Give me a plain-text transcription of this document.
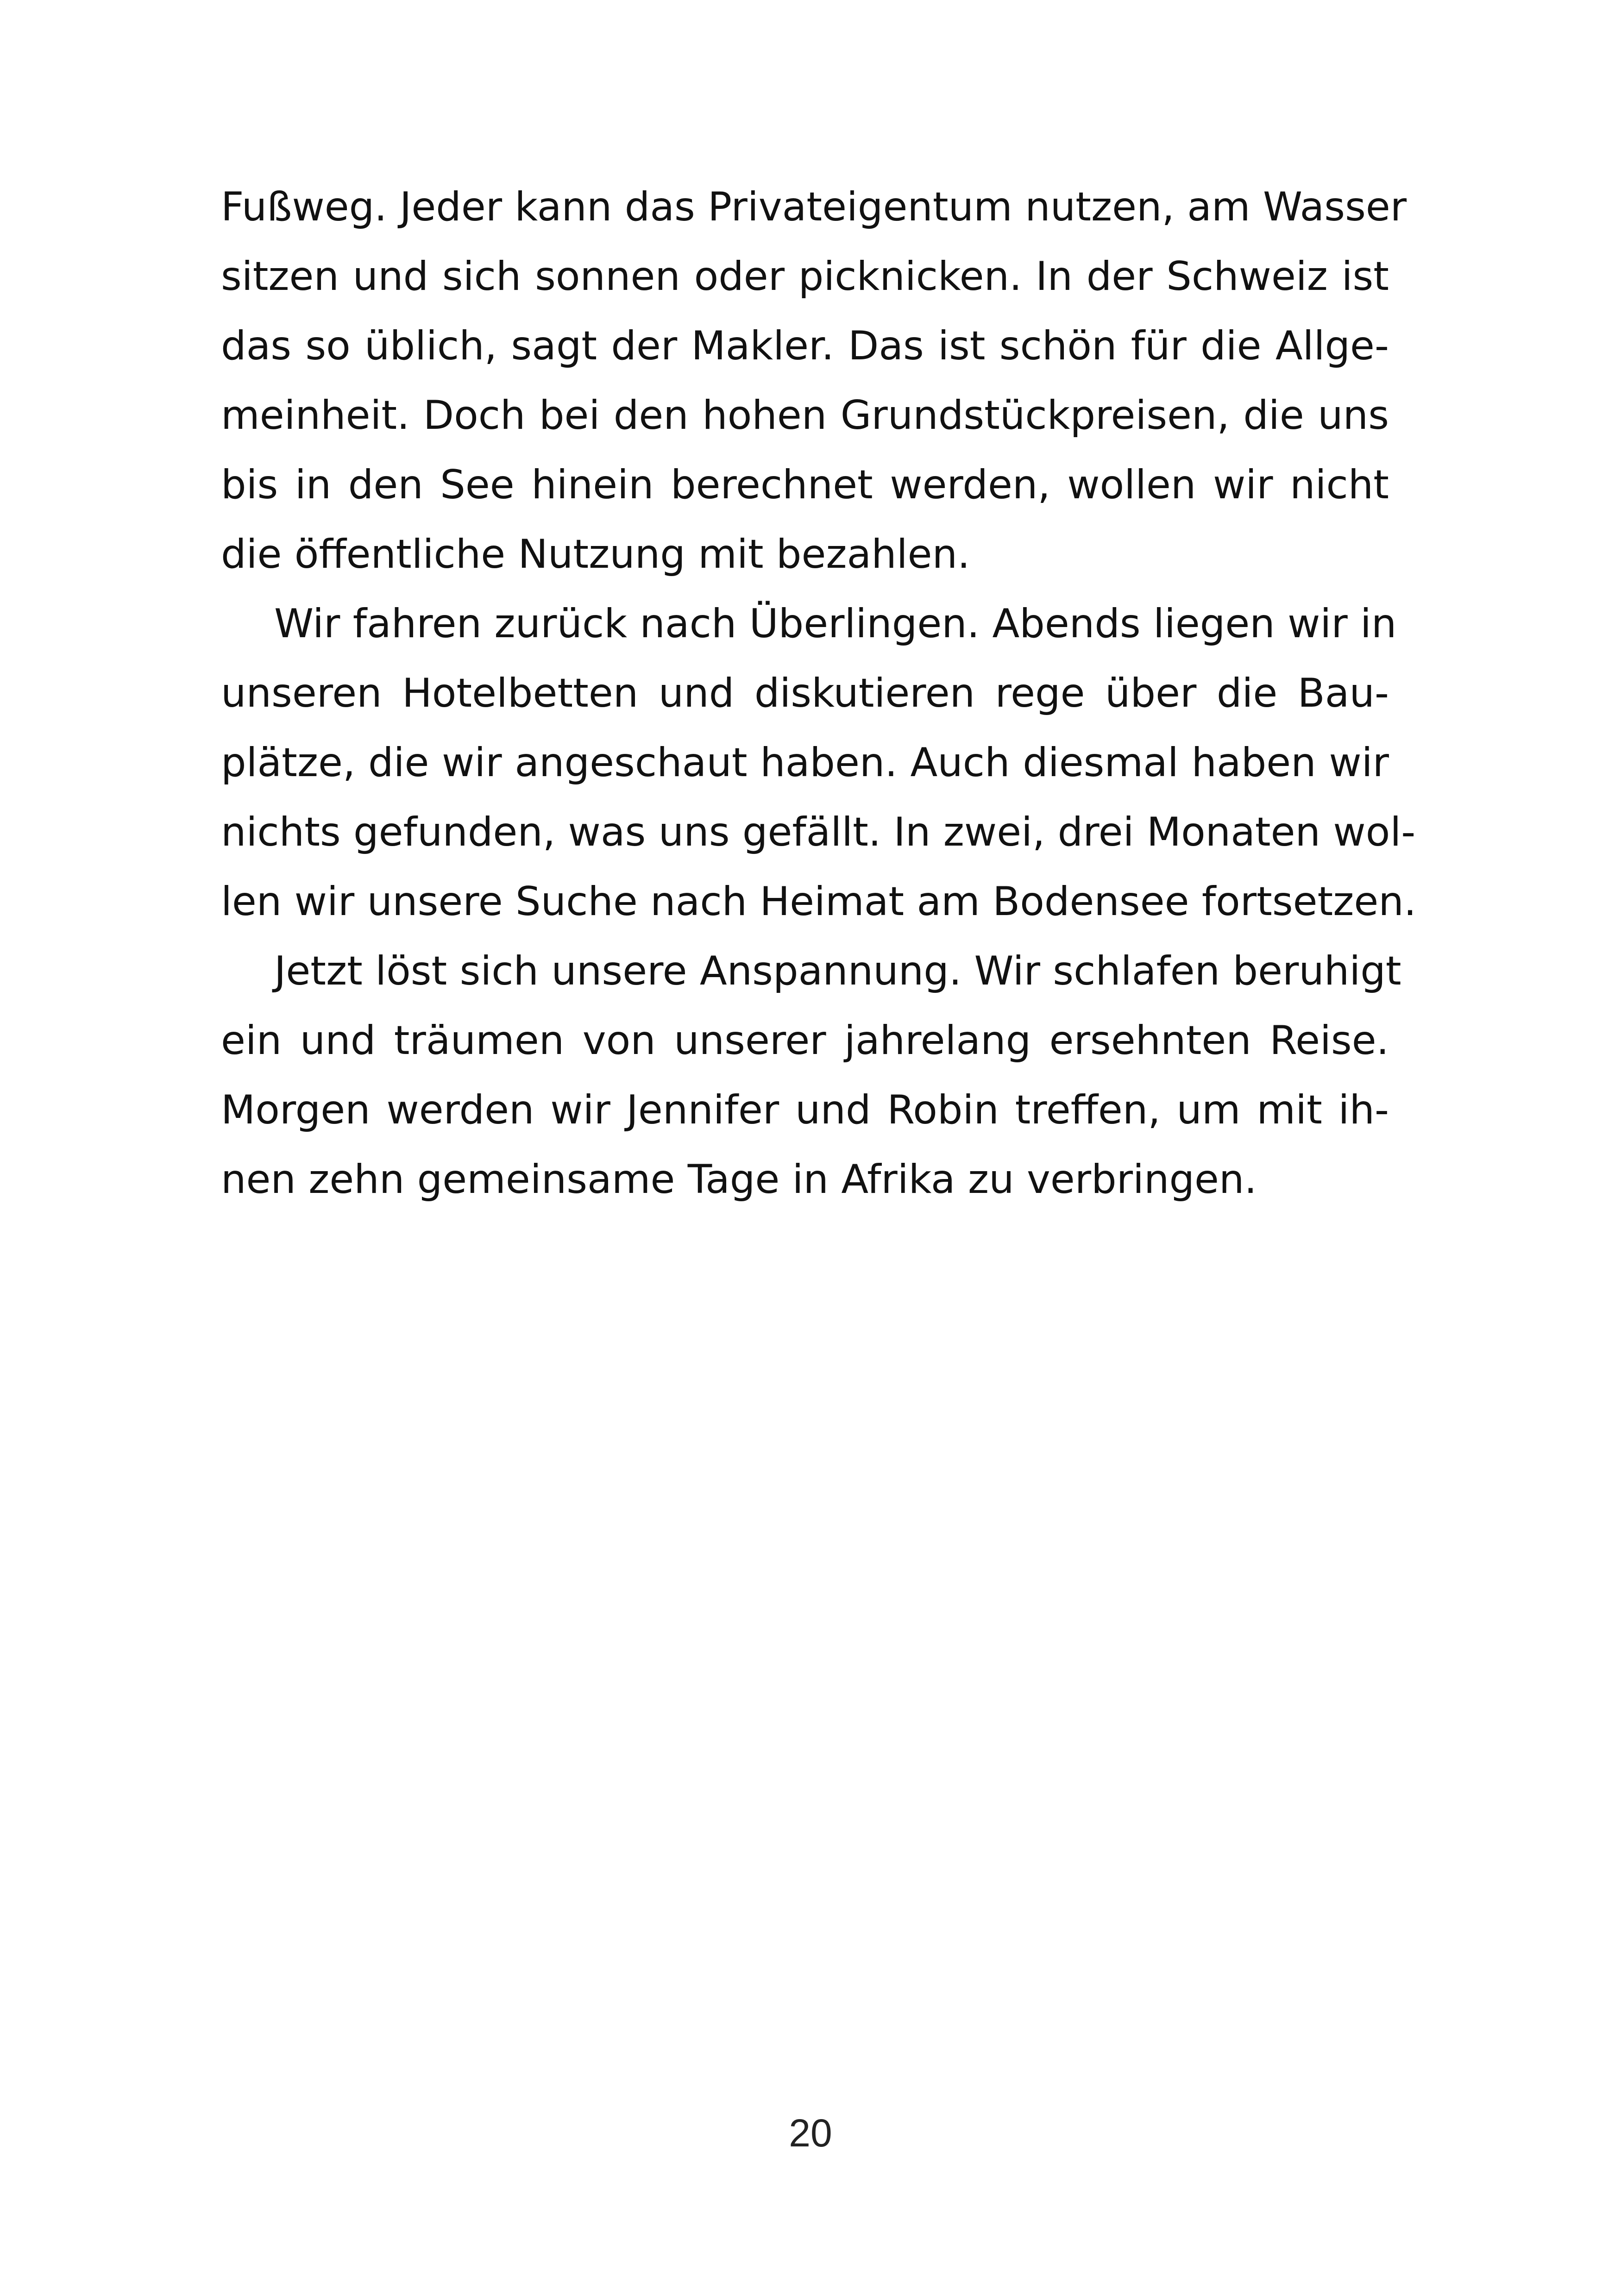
Fußweg. Jeder kann das Privateigentum nutzen, am Wasser
sitzen und sich sonnen oder picknicken. In der Schweiz ist
das so üblich, sagt der Makler. Das ist schön für die Allge-
meinheit. Doch bei den hohen Grundstückpreisen, die uns
bis in den See hinein berechnet werden, wollen wir nicht
die öffentliche Nutzung mit bezahlen.
Wir fahren zurück nach Überlingen. Abends liegen wir in
unseren Hotelbetten und diskutieren rege über die Bau-
plätze, die wir angeschaut haben. Auch diesmal haben wir
nichts gefunden, was uns gefällt. In zwei, drei Monaten wol-
len wir unsere Suche nach Heimat am Bodensee fortsetzen.
Jetzt löst sich unsere Anspannung. Wir schlafen beruhigt
ein und träumen von unserer jahrelang ersehnten Reise.
Morgen werden wir Jennifer und Robin treffen, um mit ih-
nen zehn gemeinsame Tage in Afrika zu verbringen.
20
